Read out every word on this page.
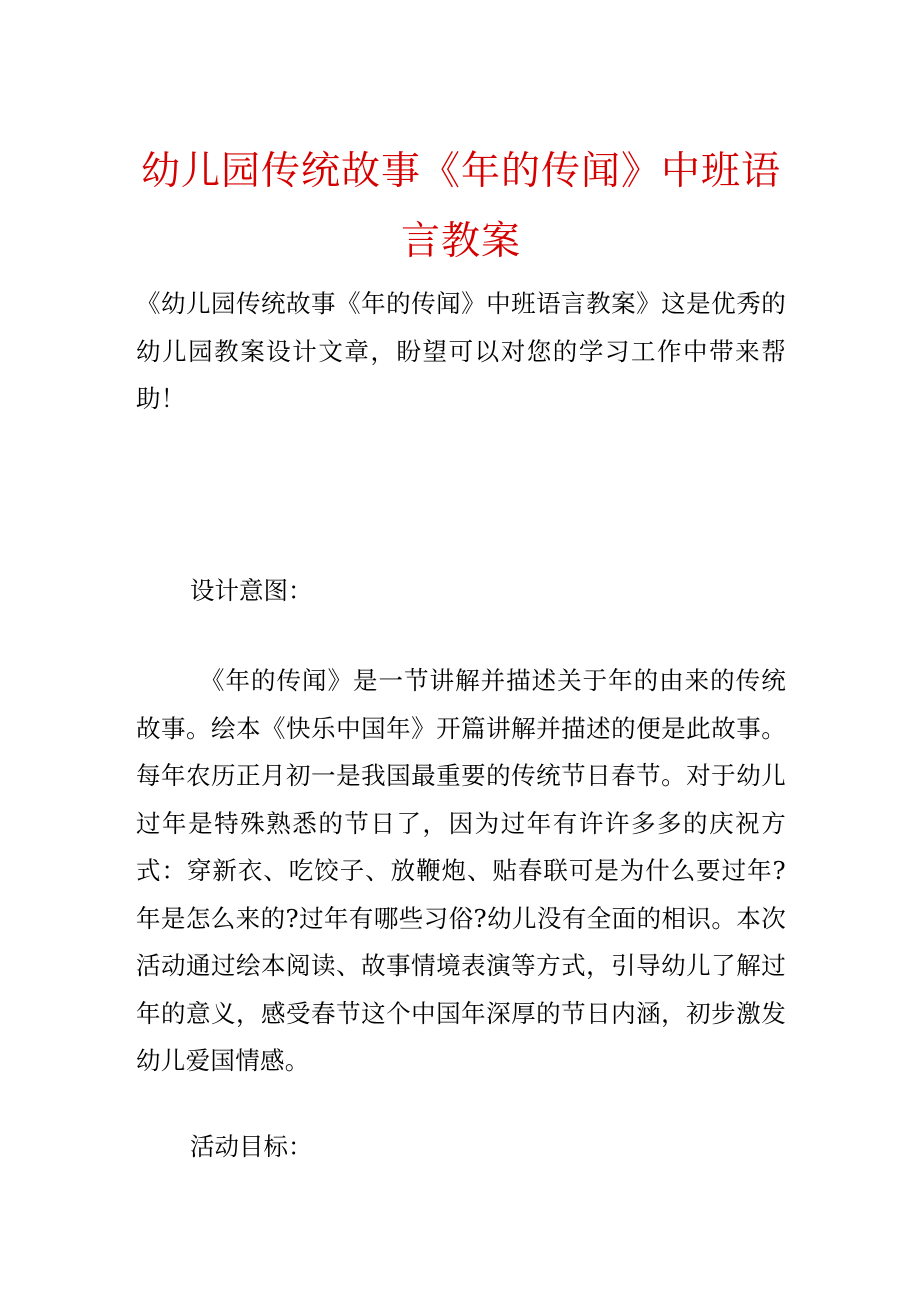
幼儿园传统故事《年的传闻》中班语
言教案
《幼儿园传统故事《年的传闻》中班语言教案》这是优秀的幼儿园教案设计文章，盼望可以对您的学习工作中带来帮助！
设计意图：
《年的传闻》是一节讲解并描述关于年的由来的传统故事。绘本《快乐中国年》开篇讲解并描述的便是此故事。每年农历正月初一是我国最重要的传统节日春节。对于幼儿过年是特殊熟悉的节日了，因为过年有许许多多的庆祝方式：穿新衣、吃饺子、放鞭炮、贴春联可是为什么要过年?年是怎么来的?过年有哪些习俗?幼儿没有全面的相识。本次活动通过绘本阅读、故事情境表演等方式，引导幼儿了解过年的意义，感受春节这个中国年深厚的节日内涵，初步激发幼儿爱国情感。
活动目标：
